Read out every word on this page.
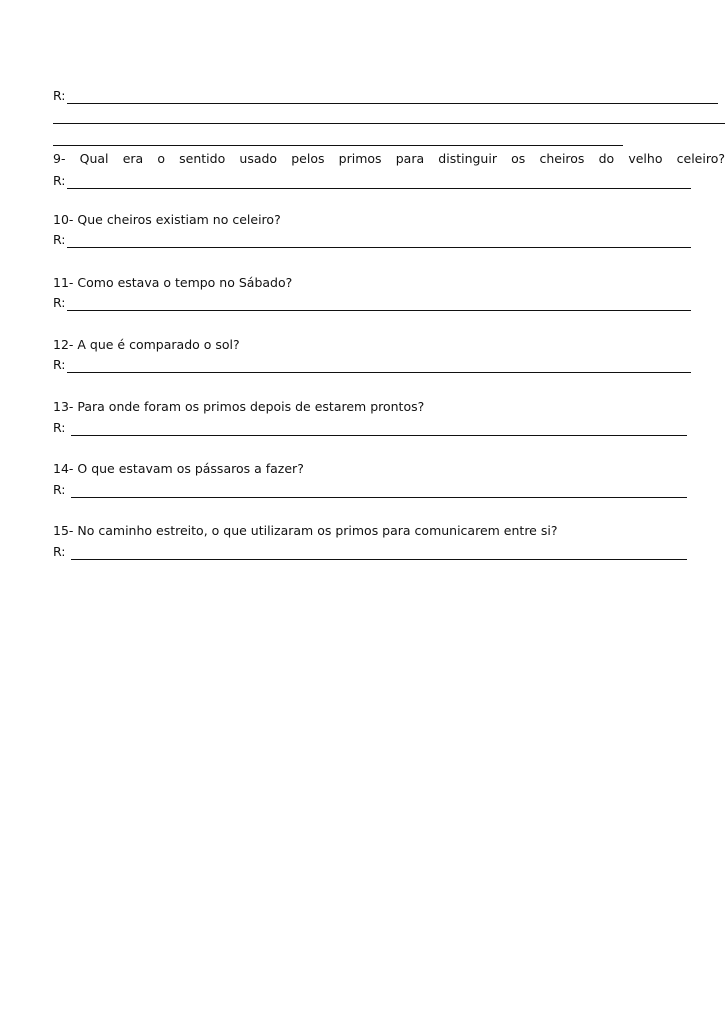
R:
9- Qual era o sentido usado pelos primos para distinguir os cheiros do velho celeiro?
R:
10- Que cheiros existiam no celeiro?
R:
11- Como estava o tempo no Sábado?
R:
12- A que é comparado o sol?
R:
13- Para onde foram os primos depois de estarem prontos?
R:
14- O que estavam os pássaros a fazer?
R:
15- No caminho estreito, o que utilizaram os primos para comunicarem entre si?
R:
